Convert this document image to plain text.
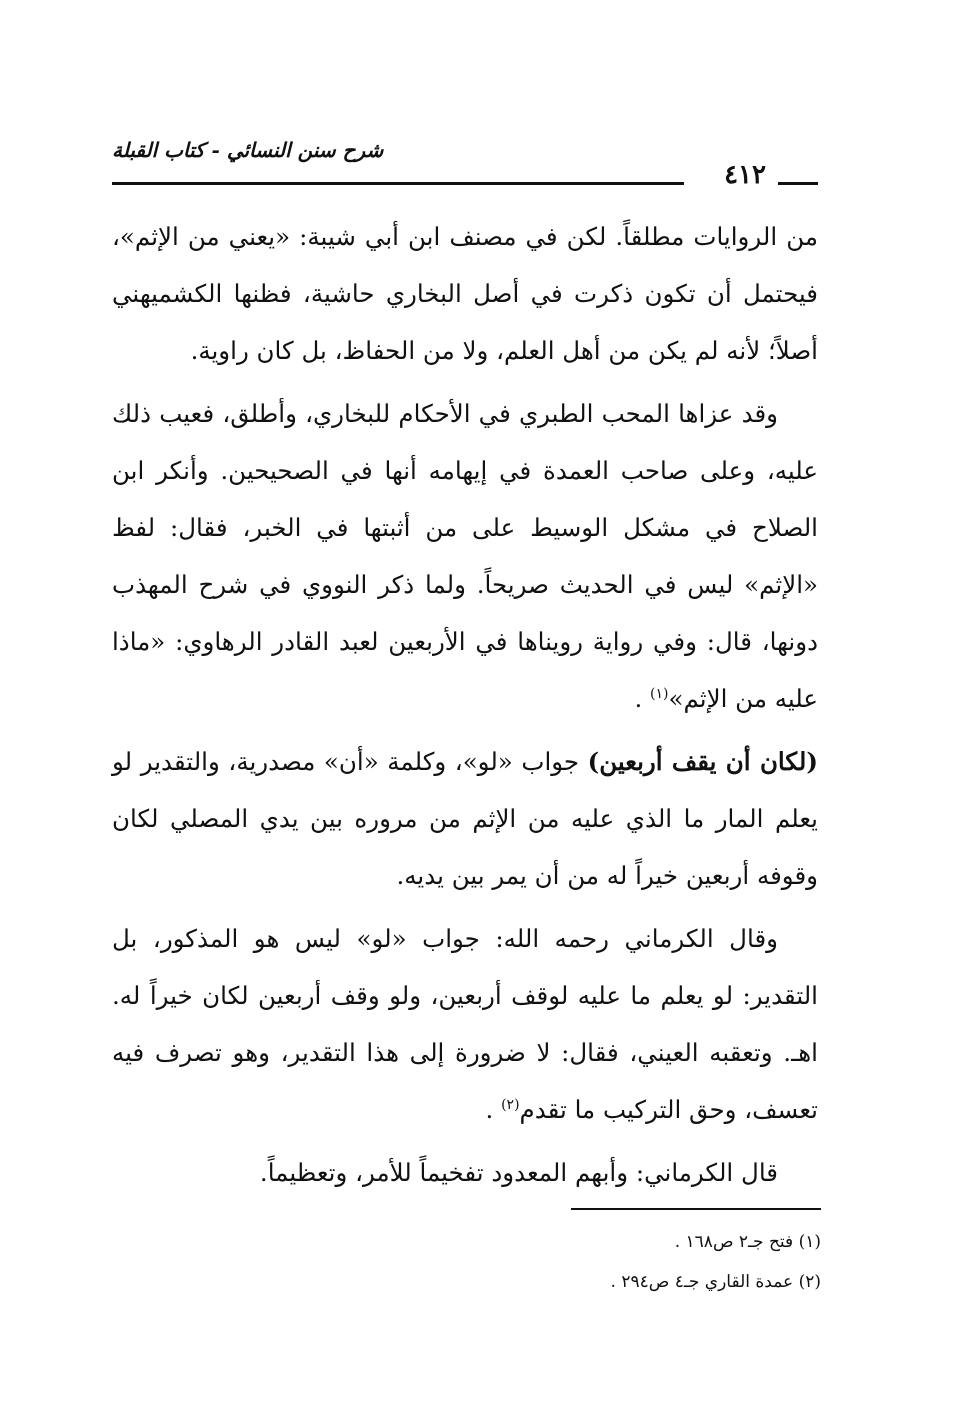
شرح سنن النسائي - كتاب القبلة
٤١٢

من الروايات مطلقاً. لكن في مصنف ابن أبي شيبة: «يعني من الإثم»، فيحتمل أن تكون ذكرت في أصل البخاري حاشية، فظنها الكشميهني أصلاً؛ لأنه لم يكن من أهل العلم، ولا من الحفاظ، بل كان راوية.

وقد عزاها المحب الطبري في الأحكام للبخاري، وأطلق، فعيب ذلك عليه، وعلى صاحب العمدة في إيهامه أنها في الصحيحين. وأنكر ابن الصلاح في مشكل الوسيط على من أثبتها في الخبر، فقال: لفظ «الإثم» ليس في الحديث صريحاً. ولما ذكر النووي في شرح المهذب دونها، قال: وفي رواية رويناها في الأربعين لعبد القادر الرهاوي: «ماذا عليه من الإثم»$^{(١)}$ .

(لكان أن يقف أربعين) جواب «لو»، وكلمة «أن» مصدرية، والتقدير لو يعلم المار ما الذي عليه من الإثم من مروره بين يدي المصلي لكان وقوفه أربعين خيراً له من أن يمر بين يديه.

وقال الكرماني رحمه الله: جواب «لو» ليس هو المذكور، بل التقدير: لو يعلم ما عليه لوقف أربعين، ولو وقف أربعين لكان خيراً له. اهـ. وتعقبه العيني، فقال: لا ضرورة إلى هذا التقدير، وهو تصرف فيه تعسف، وحق التركيب ما تقدم$^{(٢)}$ .

قال الكرماني: وأبهم المعدود تفخيماً للأمر، وتعظيماً.

(١) فتح جـ٢ ص١٦٨ .
(٢) عمدة القاري جـ٤ ص٢٩٤ .
